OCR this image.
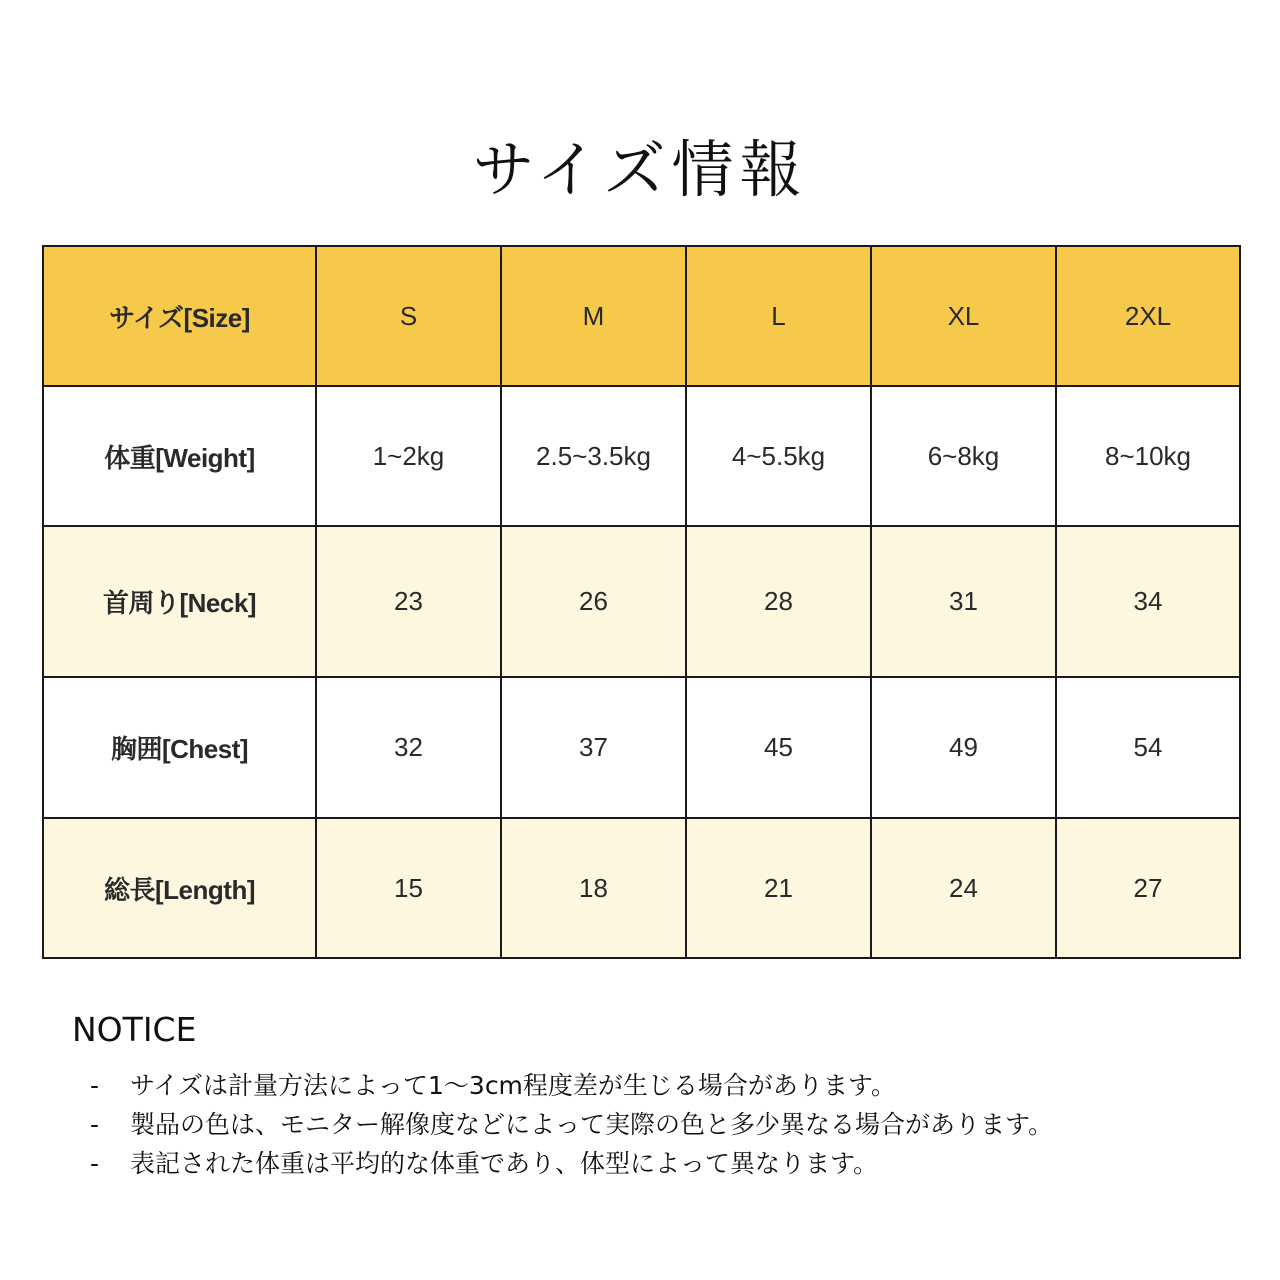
サイズ情報
サイズ[Size]	S	M	L	XL	2XL
体重[Weight]	1~2kg	2.5~3.5kg	4~5.5kg	6~8kg	8~10kg
首周り[Neck]	23	26	28	31	34
胸囲[Chest]	32	37	45	49	54
総長[Length]	15	18	21	24	27
NOTICE
-	サイズは計量方法によって1〜3cm程度差が生じる場合があります。
-	製品の色は、モニター解像度などによって実際の色と多少異なる場合があります。
-	表記された体重は平均的な体重であり、体型によって異なります。
